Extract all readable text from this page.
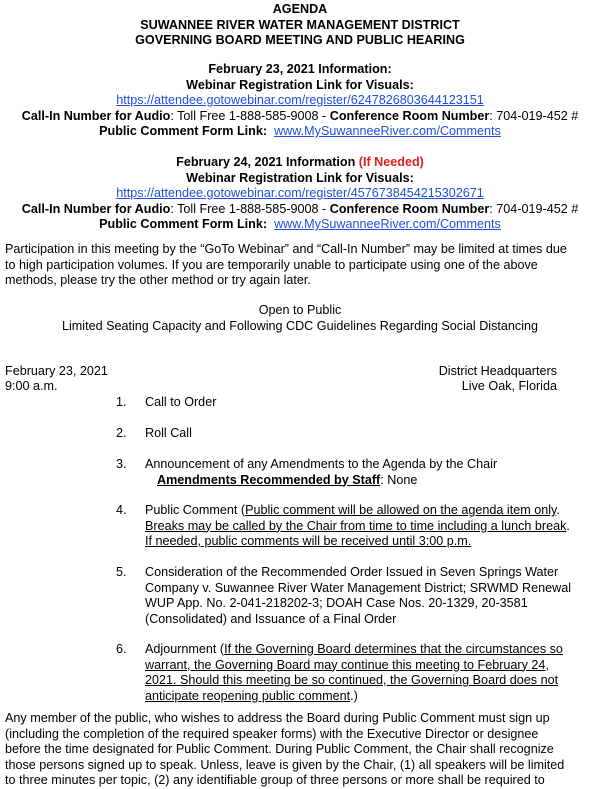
AGENDA
SUWANNEE RIVER WATER MANAGEMENT DISTRICT
GOVERNING BOARD MEETING AND PUBLIC HEARING
February 23, 2021 Information:
Webinar Registration Link for Visuals:
https://attendee.gotowebinar.com/register/6247826803644123151
Call-In Number for Audio: Toll Free 1-888-585-9008 - Conference Room Number: 704-019-452 #
Public Comment Form Link: www.MySuwanneeRiver.com/Comments
February 24, 2021 Information (If Needed)
Webinar Registration Link for Visuals:
https://attendee.gotowebinar.com/register/4576738454215302671
Call-In Number for Audio: Toll Free 1-888-585-9008 - Conference Room Number: 704-019-452 #
Public Comment Form Link: www.MySuwanneeRiver.com/Comments
Participation in this meeting by the “GoTo Webinar” and “Call-In Number” may be limited at times due
to high participation volumes. If you are temporarily unable to participate using one of the above
methods, please try the other method or try again later.
Open to Public
Limited Seating Capacity and Following CDC Guidelines Regarding Social Distancing
February 23, 2021	District Headquarters
9:00 a.m.	Live Oak, Florida
1. Call to Order
2. Roll Call
3. Announcement of any Amendments to the Agenda by the Chair
Amendments Recommended by Staff: None
4. Public Comment (Public comment will be allowed on the agenda item only.
Breaks may be called by the Chair from time to time including a lunch break.
If needed, public comments will be received until 3:00 p.m.
5. Consideration of the Recommended Order Issued in Seven Springs Water
Company v. Suwannee River Water Management District; SRWMD Renewal
WUP App. No. 2-041-218202-3; DOAH Case Nos. 20-1329, 20-3581
(Consolidated) and Issuance of a Final Order
6. Adjournment (If the Governing Board determines that the circumstances so
warrant, the Governing Board may continue this meeting to February 24,
2021. Should this meeting be so continued, the Governing Board does not
anticipate reopening public comment.)
Any member of the public, who wishes to address the Board during Public Comment must sign up
(including the completion of the required speaker forms) with the Executive Director or designee
before the time designated for Public Comment. During Public Comment, the Chair shall recognize
those persons signed up to speak. Unless, leave is given by the Chair, (1) all speakers will be limited
to three minutes per topic, (2) any identifiable group of three persons or more shall be required to
